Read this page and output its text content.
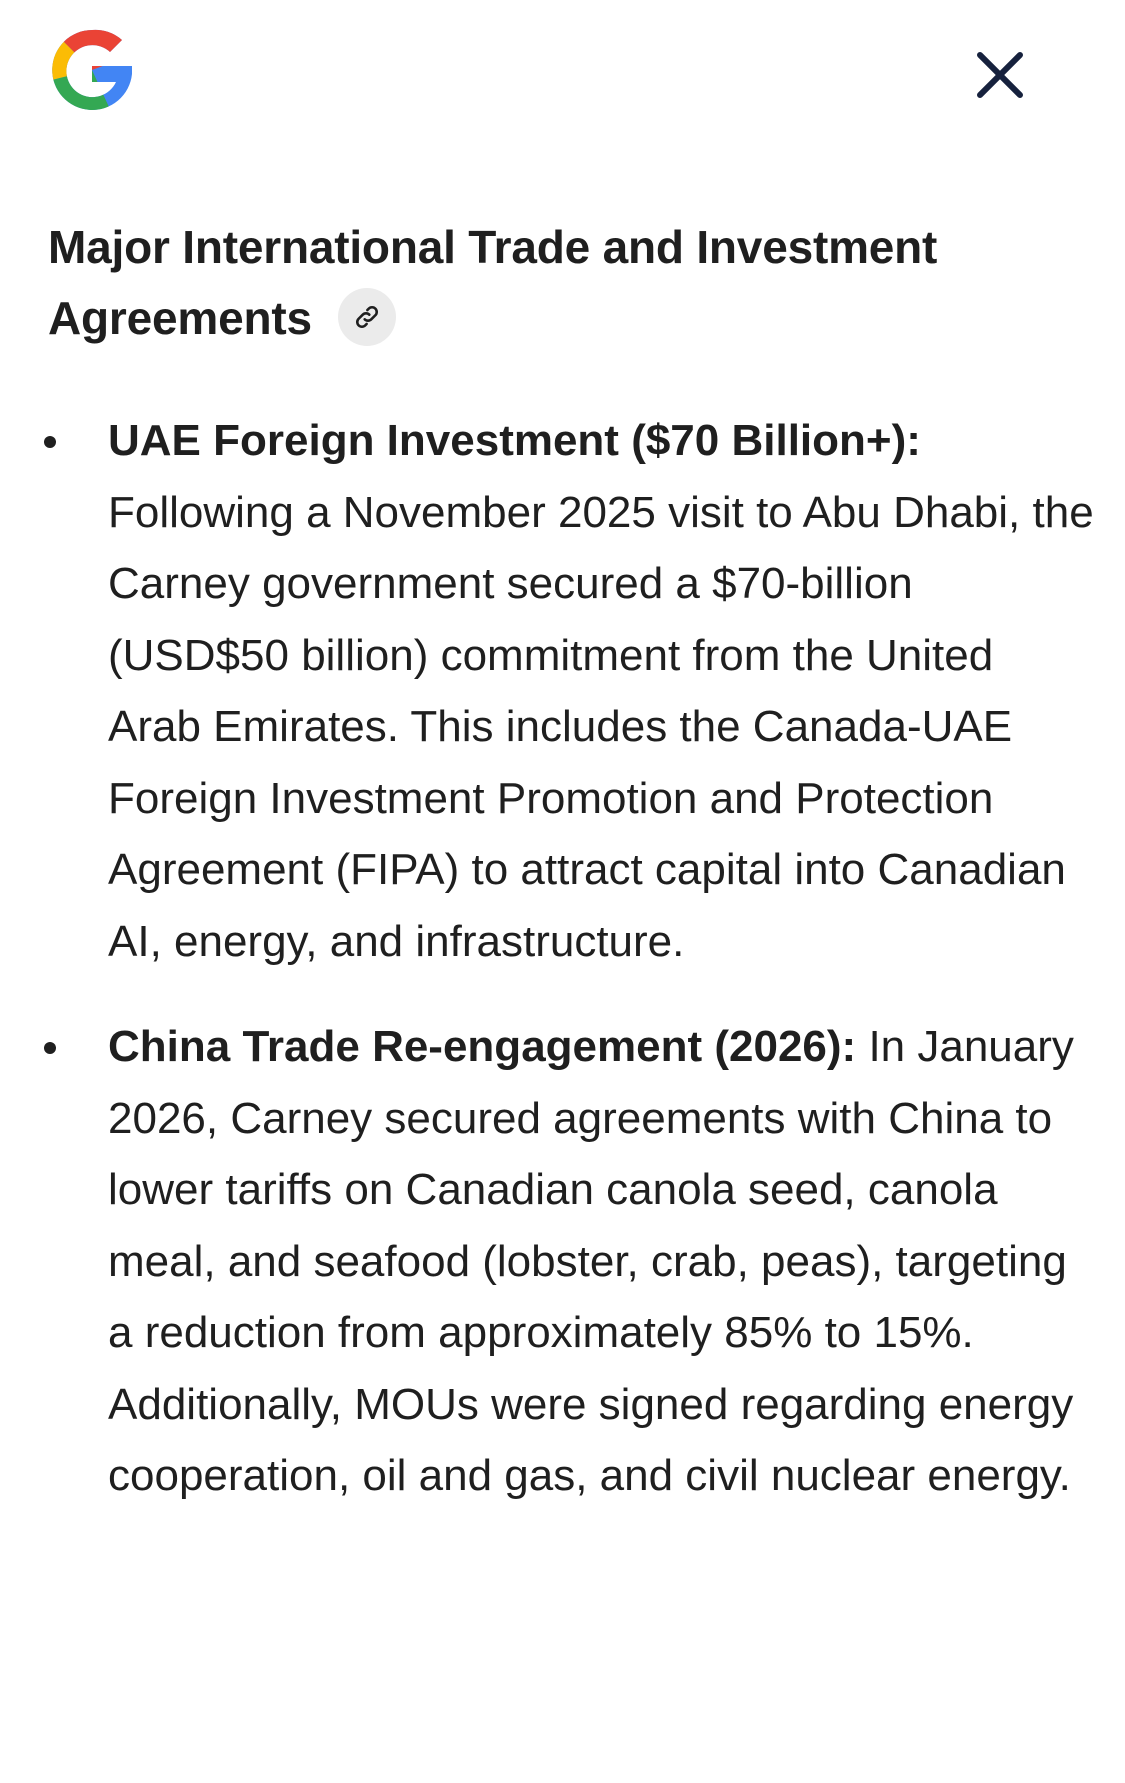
Major International Trade and Investment Agreements
UAE Foreign Investment ($70 Billion+):
Following a November 2025 visit to Abu Dhabi, the Carney government secured a $70-billion (USD$50 billion) commitment from the United Arab Emirates. This includes the Canada-UAE Foreign Investment Promotion and Protection Agreement (FIPA) to attract capital into Canadian AI, energy, and infrastructure.
China Trade Re-engagement (2026): In January 2026, Carney secured agreements with China to lower tariffs on Canadian canola seed, canola meal, and seafood (lobster, crab, peas), targeting a reduction from approximately 85% to 15%. Additionally, MOUs were signed regarding energy cooperation, oil and gas, and civil nuclear energy.
